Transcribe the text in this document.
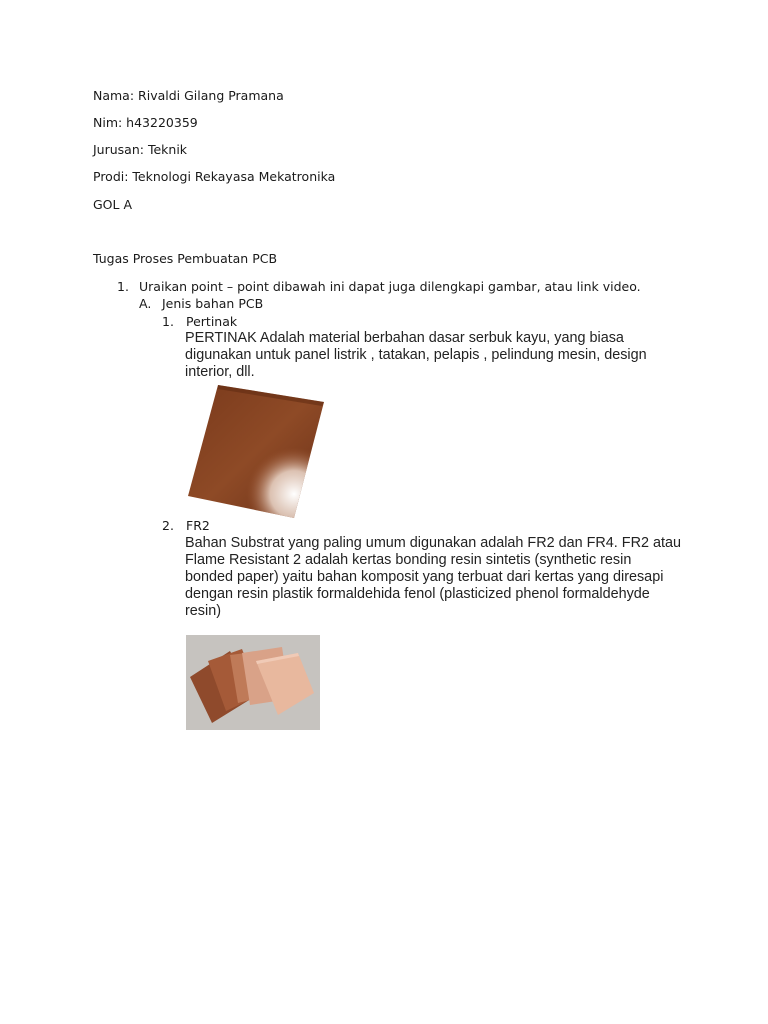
Nama: Rivaldi Gilang Pramana
Nim: h43220359
Jurusan: Teknik
Prodi: Teknologi Rekayasa Mekatronika
GOL A
Tugas Proses Pembuatan PCB
1. Uraikan point – point dibawah ini dapat juga dilengkapi gambar, atau link video.
A. Jenis bahan PCB
1. Pertinak
PERTINAK Adalah material berbahan dasar serbuk kayu, yang biasa
digunakan untuk panel listrik , tatakan, pelapis , pelindung mesin, design
interior, dll.
2. FR2
Bahan Substrat yang paling umum digunakan adalah FR2 dan FR4. FR2 atau
Flame Resistant 2 adalah kertas bonding resin sintetis (synthetic resin
bonded paper) yaitu bahan komposit yang terbuat dari kertas yang diresapi
dengan resin plastik formaldehida fenol (plasticized phenol formaldehyde
resin)
